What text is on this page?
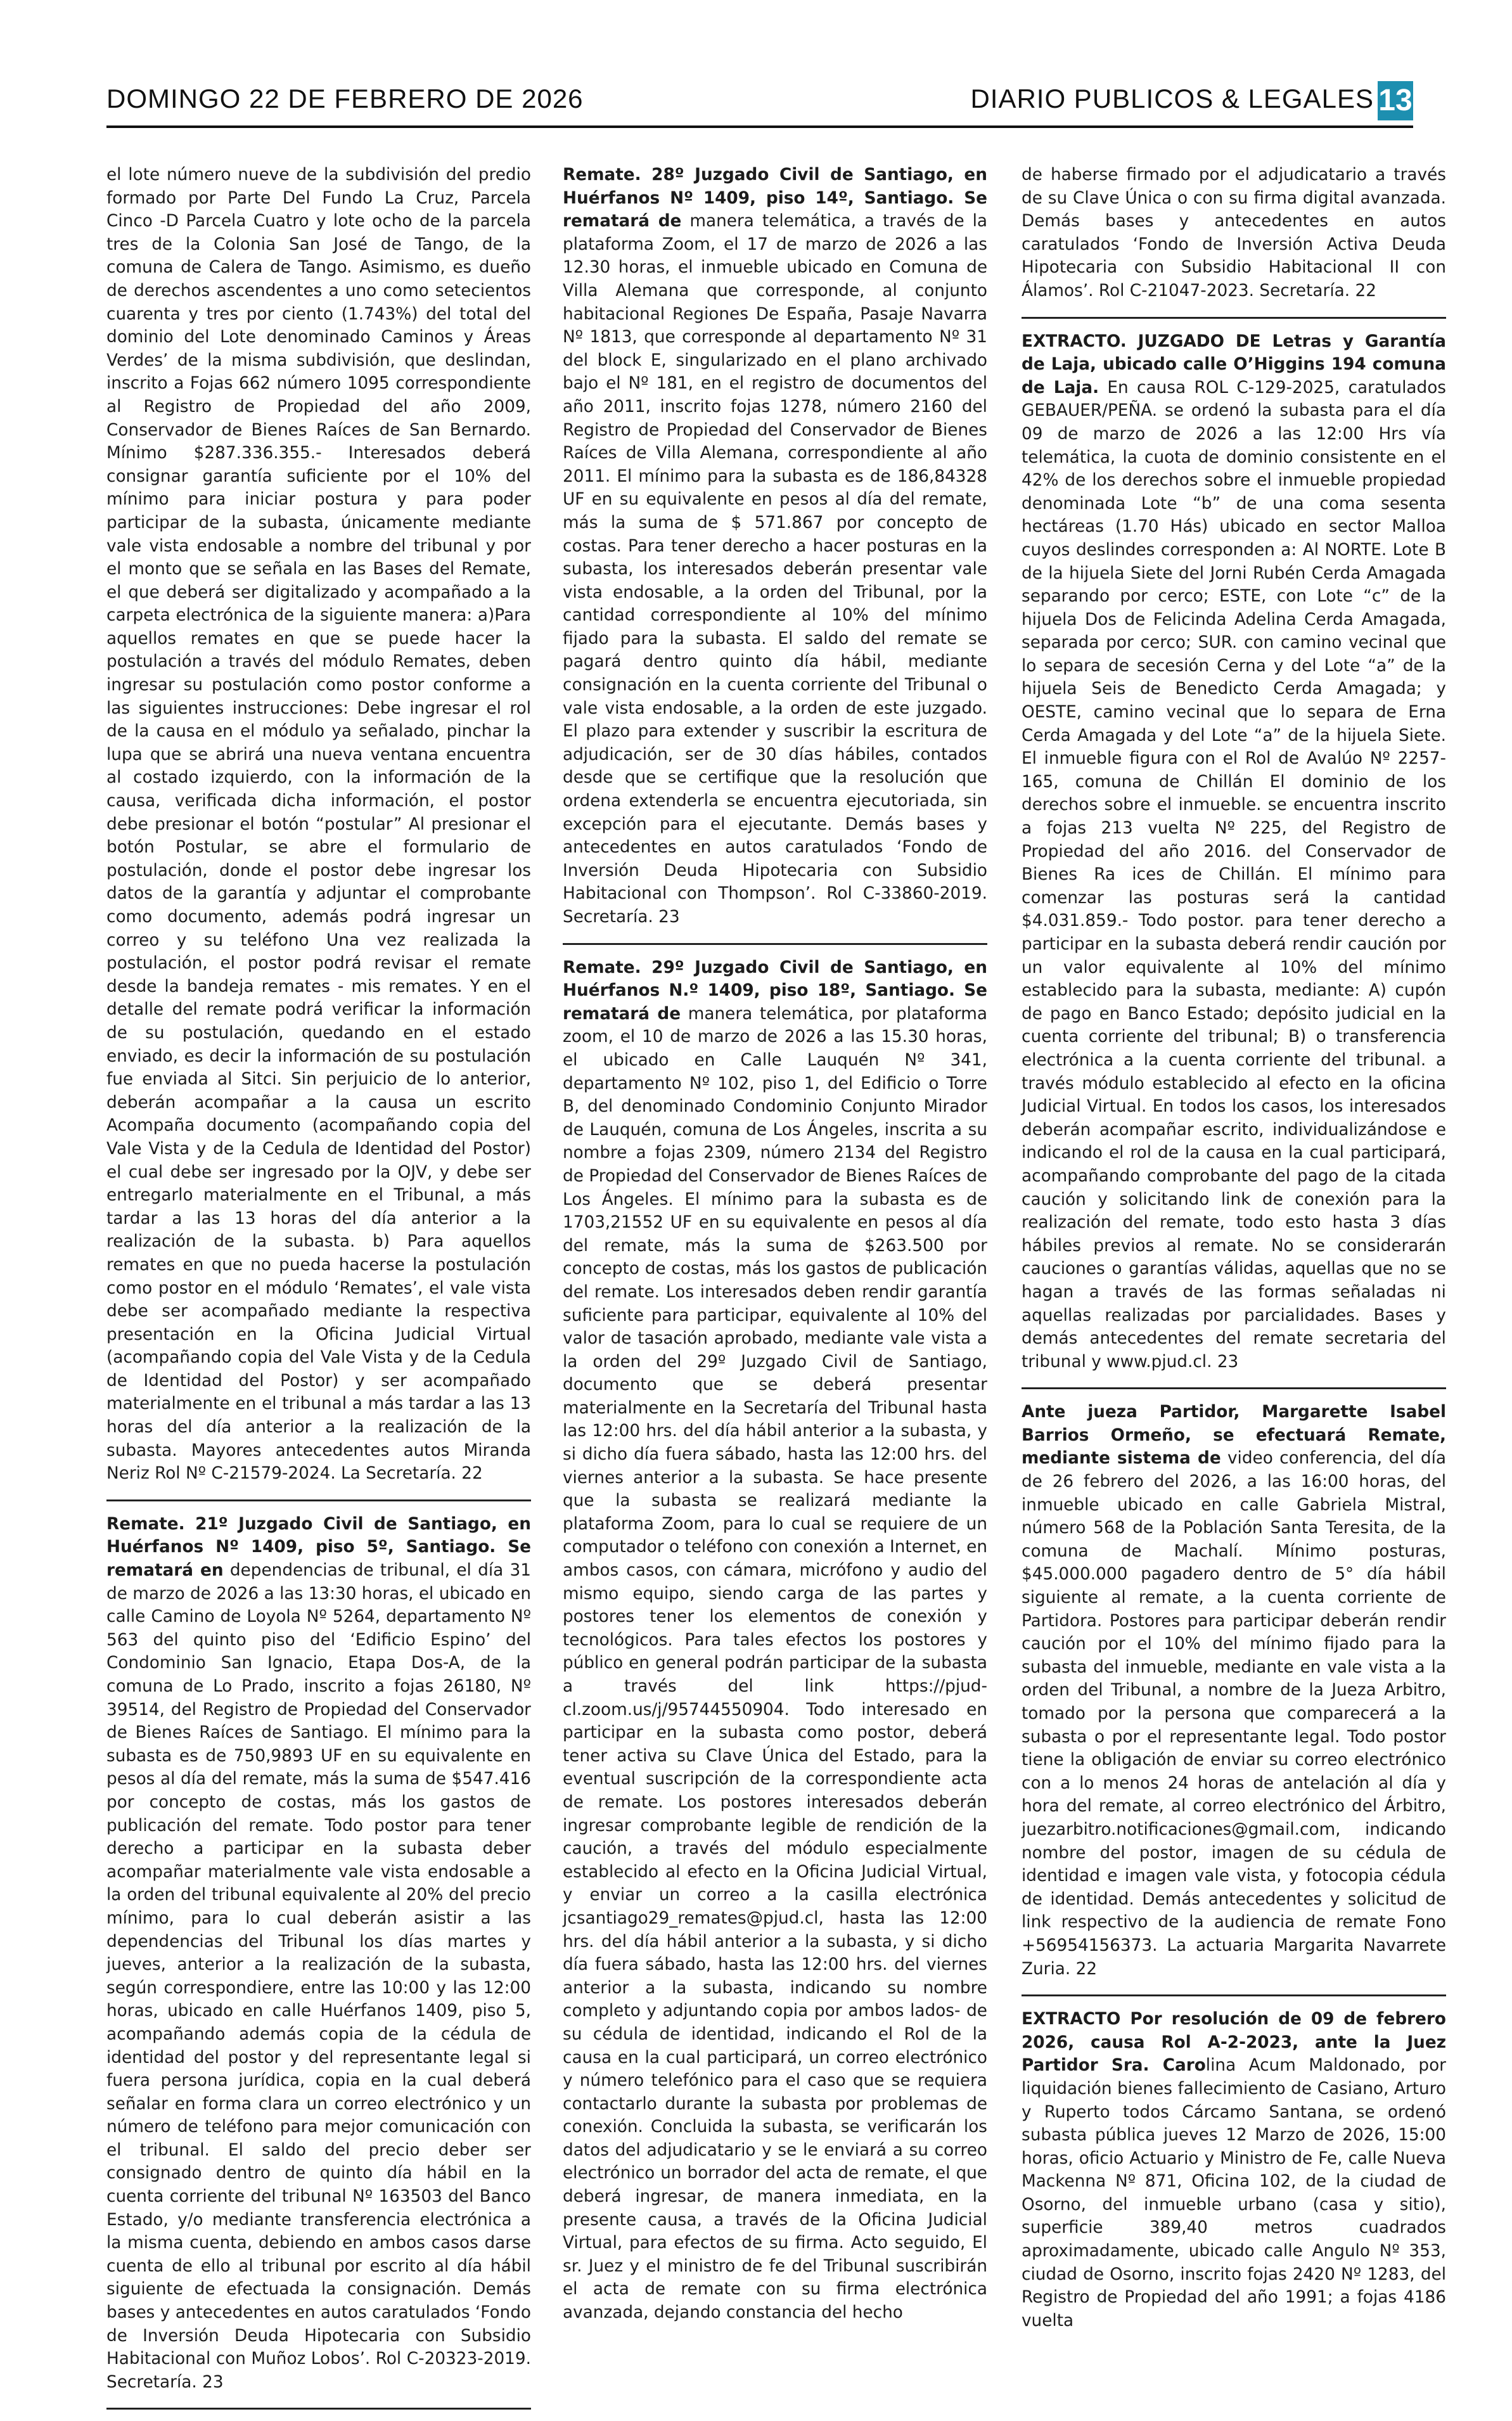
DOMINGO 22 DE FEBRERO DE 2026	DIARIO PUBLICOS & LEGALES 13

el lote número nueve de la subdivisión del predio formado por Parte Del Fundo La Cruz, Parcela Cinco -D Parcela Cuatro y lote ocho de la parcela tres de la Colonia San José de Tango, de la comuna de Calera de Tango. Asimismo, es dueño de derechos ascendentes a uno como setecientos cuarenta y tres por ciento (1.743%) del total del dominio del Lote denominado Caminos y Áreas Verdes’ de la misma subdivisión, que deslindan, inscrito a Fojas 662 número 1095 correspondiente al Registro de Propiedad del año 2009, Conservador de Bienes Raíces de San Bernardo. Mínimo $287.336.355.- Interesados deberá consignar garantía suficiente por el 10% del mínimo para iniciar postura y para poder participar de la subasta, únicamente mediante vale vista endosable a nombre del tribunal y por el monto que se señala en las Bases del Remate, el que deberá ser digitalizado y acompañado a la carpeta electrónica de la siguiente manera: a)Para aquellos remates en que se puede hacer la postulación a través del módulo Remates, deben ingresar su postulación como postor conforme a las siguientes instrucciones: Debe ingresar el rol de la causa en el módulo ya señalado, pinchar la lupa que se abrirá una nueva ventana encuentra al costado izquierdo, con la información de la causa, verificada dicha información, el postor debe presionar el botón “postular” Al presionar el botón Postular, se abre el formulario de postulación, donde el postor debe ingresar los datos de la garantía y adjuntar el comprobante como documento, además podrá ingresar un correo y su teléfono Una vez realizada la postulación, el postor podrá revisar el remate desde la bandeja remates - mis remates. Y en el detalle del remate podrá verificar la información de su postulación, quedando en el estado enviado, es decir la información de su postulación fue enviada al Sitci. Sin perjuicio de lo anterior, deberán acompañar a la causa un escrito Acompaña documento (acompañando copia del Vale Vista y de la Cedula de Identidad del Postor) el cual debe ser ingresado por la OJV, y debe ser entregarlo materialmente en el Tribunal, a más tardar a las 13 horas del día anterior a la realización de la subasta. b) Para aquellos remates en que no pueda hacerse la postulación como postor en el módulo ‘Remates’, el vale vista debe ser acompañado mediante la respectiva presentación en la Oficina Judicial Virtual (acompañando copia del Vale Vista y de la Cedula de Identidad del Postor) y ser acompañado materialmente en el tribunal a más tardar a las 13 horas del día anterior a la realización de la subasta. Mayores antecedentes autos Miranda Neriz Rol Nº C-21579-2024. La Secretaría. 22

Remate. 21º Juzgado Civil de Santiago, en Huérfanos Nº 1409, piso 5º, Santiago. Se rematará en dependencias de tribunal, el día 31 de marzo de 2026 a las 13:30 horas, el ubicado en calle Camino de Loyola Nº 5264, departamento Nº 563 del quinto piso del ‘Edificio Espino’ del Condominio San Ignacio, Etapa Dos-A, de la comuna de Lo Prado, inscrito a fojas 26180, Nº 39514, del Registro de Propiedad del Conservador de Bienes Raíces de Santiago. El mínimo para la subasta es de 750,9893 UF en su equivalente en pesos al día del remate, más la suma de $547.416 por concepto de costas, más los gastos de publicación del remate. Todo postor para tener derecho a participar en la subasta deber acompañar materialmente vale vista endosable a la orden del tribunal equivalente al 20% del precio mínimo, para lo cual deberán asistir a las dependencias del Tribunal los días martes y jueves, anterior a la realización de la subasta, según correspondiere, entre las 10:00 y las 12:00 horas, ubicado en calle Huérfanos 1409, piso 5, acompañando además copia de la cédula de identidad del postor y del representante legal si fuera persona jurídica, copia en la cual deberá señalar en forma clara un correo electrónico y un número de teléfono para mejor comunicación con el tribunal. El saldo del precio deber ser consignado dentro de quinto día hábil en la cuenta corriente del tribunal Nº 163503 del Banco Estado, y/o mediante transferencia electrónica a la misma cuenta, debiendo en ambos casos darse cuenta de ello al tribunal por escrito al día hábil siguiente de efectuada la consignación. Demás bases y antecedentes en autos caratulados ‘Fondo de Inversión Deuda Hipotecaria con Subsidio Habitacional con Muñoz Lobos’. Rol C-20323-2019. Secretaría. 23

Remate. 28º Juzgado Civil de Santiago, en Huérfanos Nº 1409, piso 14º, Santiago. Se rematará de manera telemática, a través de la plataforma Zoom, el 17 de marzo de 2026 a las 12.30 horas, el inmueble ubicado en Comuna de Villa Alemana que corresponde, al conjunto habitacional Regiones De España, Pasaje Navarra Nº 1813, que corresponde al departamento Nº 31 del block E, singularizado en el plano archivado bajo el Nº 181, en el registro de documentos del año 2011, inscrito fojas 1278, número 2160 del Registro de Propiedad del Conservador de Bienes Raíces de Villa Alemana, correspondiente al año 2011. El mínimo para la subasta es de 186,84328 UF en su equivalente en pesos al día del remate, más la suma de $ 571.867 por concepto de costas. Para tener derecho a hacer posturas en la subasta, los interesados deberán presentar vale vista endosable, a la orden del Tribunal, por la cantidad correspondiente al 10% del mínimo fijado para la subasta. El saldo del remate se pagará dentro quinto día hábil, mediante consignación en la cuenta corriente del Tribunal o vale vista endosable, a la orden de este juzgado. El plazo para extender y suscribir la escritura de adjudicación, ser de 30 días hábiles, contados desde que se certifique que la resolución que ordena extenderla se encuentra ejecutoriada, sin excepción para el ejecutante. Demás bases y antecedentes en autos caratulados ‘Fondo de Inversión Deuda Hipotecaria con Subsidio Habitacional con Thompson’. Rol C-33860-2019. Secretaría. 23

Remate. 29º Juzgado Civil de Santiago, en Huérfanos N.º 1409, piso 18º, Santiago. Se rematará de manera telemática, por plataforma zoom, el 10 de marzo de 2026 a las 15.30 horas, el ubicado en Calle Lauquén Nº 341, departamento Nº 102, piso 1, del Edificio o Torre B, del denominado Condominio Conjunto Mirador de Lauquén, comuna de Los Ángeles, inscrita a su nombre a fojas 2309, número 2134 del Registro de Propiedad del Conservador de Bienes Raíces de Los Ángeles. El mínimo para la subasta es de 1703,21552 UF en su equivalente en pesos al día del remate, más la suma de $263.500 por concepto de costas, más los gastos de publicación del remate. Los interesados deben rendir garantía suficiente para participar, equivalente al 10% del valor de tasación aprobado, mediante vale vista a la orden del 29º Juzgado Civil de Santiago, documento que se deberá presentar materialmente en la Secretaría del Tribunal hasta las 12:00 hrs. del día hábil anterior a la subasta, y si dicho día fuera sábado, hasta las 12:00 hrs. del viernes anterior a la subasta. Se hace presente que la subasta se realizará mediante la plataforma Zoom, para lo cual se requiere de un computador o teléfono con conexión a Internet, en ambos casos, con cámara, micrófono y audio del mismo equipo, siendo carga de las partes y postores tener los elementos de conexión y tecnológicos. Para tales efectos los postores y público en general podrán participar de la subasta a través del link https://pjud-cl.zoom.us/j/95744550904. Todo interesado en participar en la subasta como postor, deberá tener activa su Clave Única del Estado, para la eventual suscripción de la correspondiente acta de remate. Los postores interesados deberán ingresar comprobante legible de rendición de la caución, a través del módulo especialmente establecido al efecto en la Oficina Judicial Virtual, y enviar un correo a la casilla electrónica jcsantiago29_remates@pjud.cl, hasta las 12:00 hrs. del día hábil anterior a la subasta, y si dicho día fuera sábado, hasta las 12:00 hrs. del viernes anterior a la subasta, indicando su nombre completo y adjuntando copia por ambos lados- de su cédula de identidad, indicando el Rol de la causa en la cual participará, un correo electrónico y número telefónico para el caso que se requiera contactarlo durante la subasta por problemas de conexión. Concluida la subasta, se verificarán los datos del adjudicatario y se le enviará a su correo electrónico un borrador del acta de remate, el que deberá ingresar, de manera inmediata, en la presente causa, a través de la Oficina Judicial Virtual, para efectos de su firma. Acto seguido, El sr. Juez y el ministro de fe del Tribunal suscribirán el acta de remate con su firma electrónica avanzada, dejando constancia del hecho

de haberse firmado por el adjudicatario a través de su Clave Única o con su firma digital avanzada. Demás bases y antecedentes en autos caratulados ‘Fondo de Inversión Activa Deuda Hipotecaria con Subsidio Habitacional II con Álamos’. Rol C-21047-2023. Secretaría. 22

EXTRACTO. JUZGADO DE Letras y Garantía de Laja, ubicado calle O’Higgins 194 comuna de Laja. En causa ROL C-129-2025, caratulados GEBAUER/PEÑA. se ordenó la subasta para el día 09 de marzo de 2026 a las 12:00 Hrs vía telemática, la cuota de dominio consistente en el 42% de los derechos sobre el inmueble propiedad denominada Lote “b” de una coma sesenta hectáreas (1.70 Hás) ubicado en sector Malloa cuyos deslindes corresponden a: Al NORTE. Lote B de la hijuela Siete del Jorni Rubén Cerda Amagada separando por cerco; ESTE, con Lote “c” de la hijuela Dos de Felicinda Adelina Cerda Amagada, separada por cerco; SUR. con camino vecinal que lo separa de secesión Cerna y del Lote “a” de la hijuela Seis de Benedicto Cerda Amagada; y OESTE, camino vecinal que lo separa de Erna Cerda Amagada y del Lote “a” de la hijuela Siete. El inmueble figura con el Rol de Avalúo Nº 2257-165, comuna de Chillán El dominio de los derechos sobre el inmueble. se encuentra inscrito a fojas 213 vuelta Nº 225, del Registro de Propiedad del año 2016. del Conservador de Bienes Ra ices de Chillán. El mínimo para comenzar las posturas será la cantidad $4.031.859.- Todo postor. para tener derecho a participar en la subasta deberá rendir caución por un valor equivalente al 10% del mínimo establecido para la subasta, mediante: A) cupón de pago en Banco Estado; depósito judicial en la cuenta corriente del tribunal; B) o transferencia electrónica a la cuenta corriente del tribunal. a través módulo establecido al efecto en la oficina Judicial Virtual. En todos los casos, los interesados deberán acompañar escrito, individualizándose e indicando el rol de la causa en la cual participará, acompañando comprobante del pago de la citada caución y solicitando link de conexión para la realización del remate, todo esto hasta 3 días hábiles previos al remate. No se considerarán cauciones o garantías válidas, aquellas que no se hagan a través de las formas señaladas ni aquellas realizadas por parcialidades. Bases y demás antecedentes del remate secretaria del tribunal y www.pjud.cl. 23

Ante jueza Partidor, Margarette Isabel Barrios Ormeño, se efectuará Remate, mediante sistema de video conferencia, del día de 26 febrero del 2026, a las 16:00 horas, del inmueble ubicado en calle Gabriela Mistral, número 568 de la Población Santa Teresita, de la comuna de Machalí. Mínimo posturas, $45.000.000 pagadero dentro de 5° día hábil siguiente al remate, a la cuenta corriente de Partidora. Postores para participar deberán rendir caución por el 10% del mínimo fijado para la subasta del inmueble, mediante en vale vista a la orden del Tribunal, a nombre de la Jueza Arbitro, tomado por la persona que comparecerá a la subasta o por el representante legal. Todo postor tiene la obligación de enviar su correo electrónico con a lo menos 24 horas de antelación al día y hora del remate, al correo electrónico del Árbitro, juezarbitro.notificaciones@gmail.com, indicando nombre del postor, imagen de su cédula de identidad e imagen vale vista, y fotocopia cédula de identidad. Demás antecedentes y solicitud de link respectivo de la audiencia de remate Fono +56954156373. La actuaria Margarita Navarrete Zuria. 22

EXTRACTO Por resolución de 09 de febrero 2026, causa Rol A-2-2023, ante la Juez Partidor Sra. Carolina Acum Maldonado, por liquidación bienes fallecimiento de Casiano, Arturo y Ruperto todos Cárcamo Santana, se ordenó subasta pública jueves 12 Marzo de 2026, 15:00 horas, oficio Actuario y Ministro de Fe, calle Nueva Mackenna Nº 871, Oficina 102, de la ciudad de Osorno, del inmueble urbano (casa y sitio), superficie 389,40 metros cuadrados aproximadamente, ubicado calle Angulo Nº 353, ciudad de Osorno, inscrito fojas 2420 Nº 1283, del Registro de Propiedad del año 1991; a fojas 4186 vuelta
